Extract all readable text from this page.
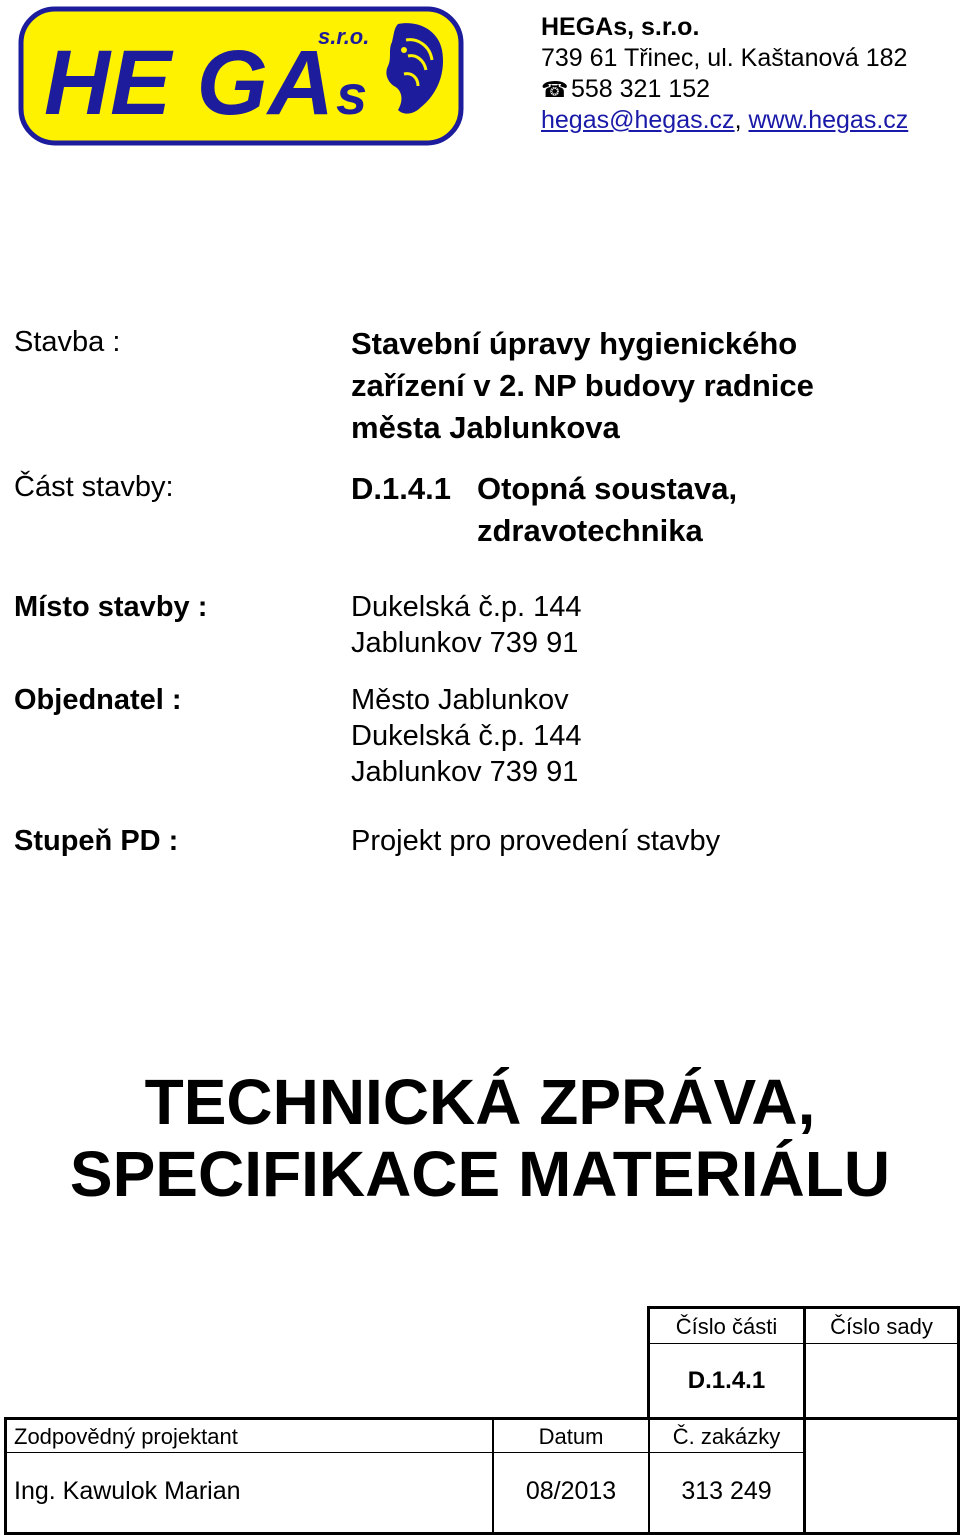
HE GA s
s.r.o.	HEGAs, s.r.o.
739 61 Třinec, ul. Kaštanová 182
☎ 558 321 152
hegas@hegas.cz, www.hegas.cz
Stavba :	Stavební úpravy hygienického
zařízení v 2. NP budovy radnice
města Jablunkova
Část stavby:	D.1.4.1 Otopná soustava,
zdravotechnika
Místo stavby :	Dukelská č.p. 144
Jablunkov 739 91
Objednatel :	Město Jablunkov
Dukelská č.p. 144
Jablunkov 739 91
Stupeň PD :	Projekt pro provedení stavby
TECHNICKÁ ZPRÁVA,
SPECIFIKACE MATERIÁLU
Číslo části	Číslo sady
D.1.4.1
Zodpovědný projektant	Datum	Č. zakázky
Ing. Kawulok Marian	08/2013	313 249
